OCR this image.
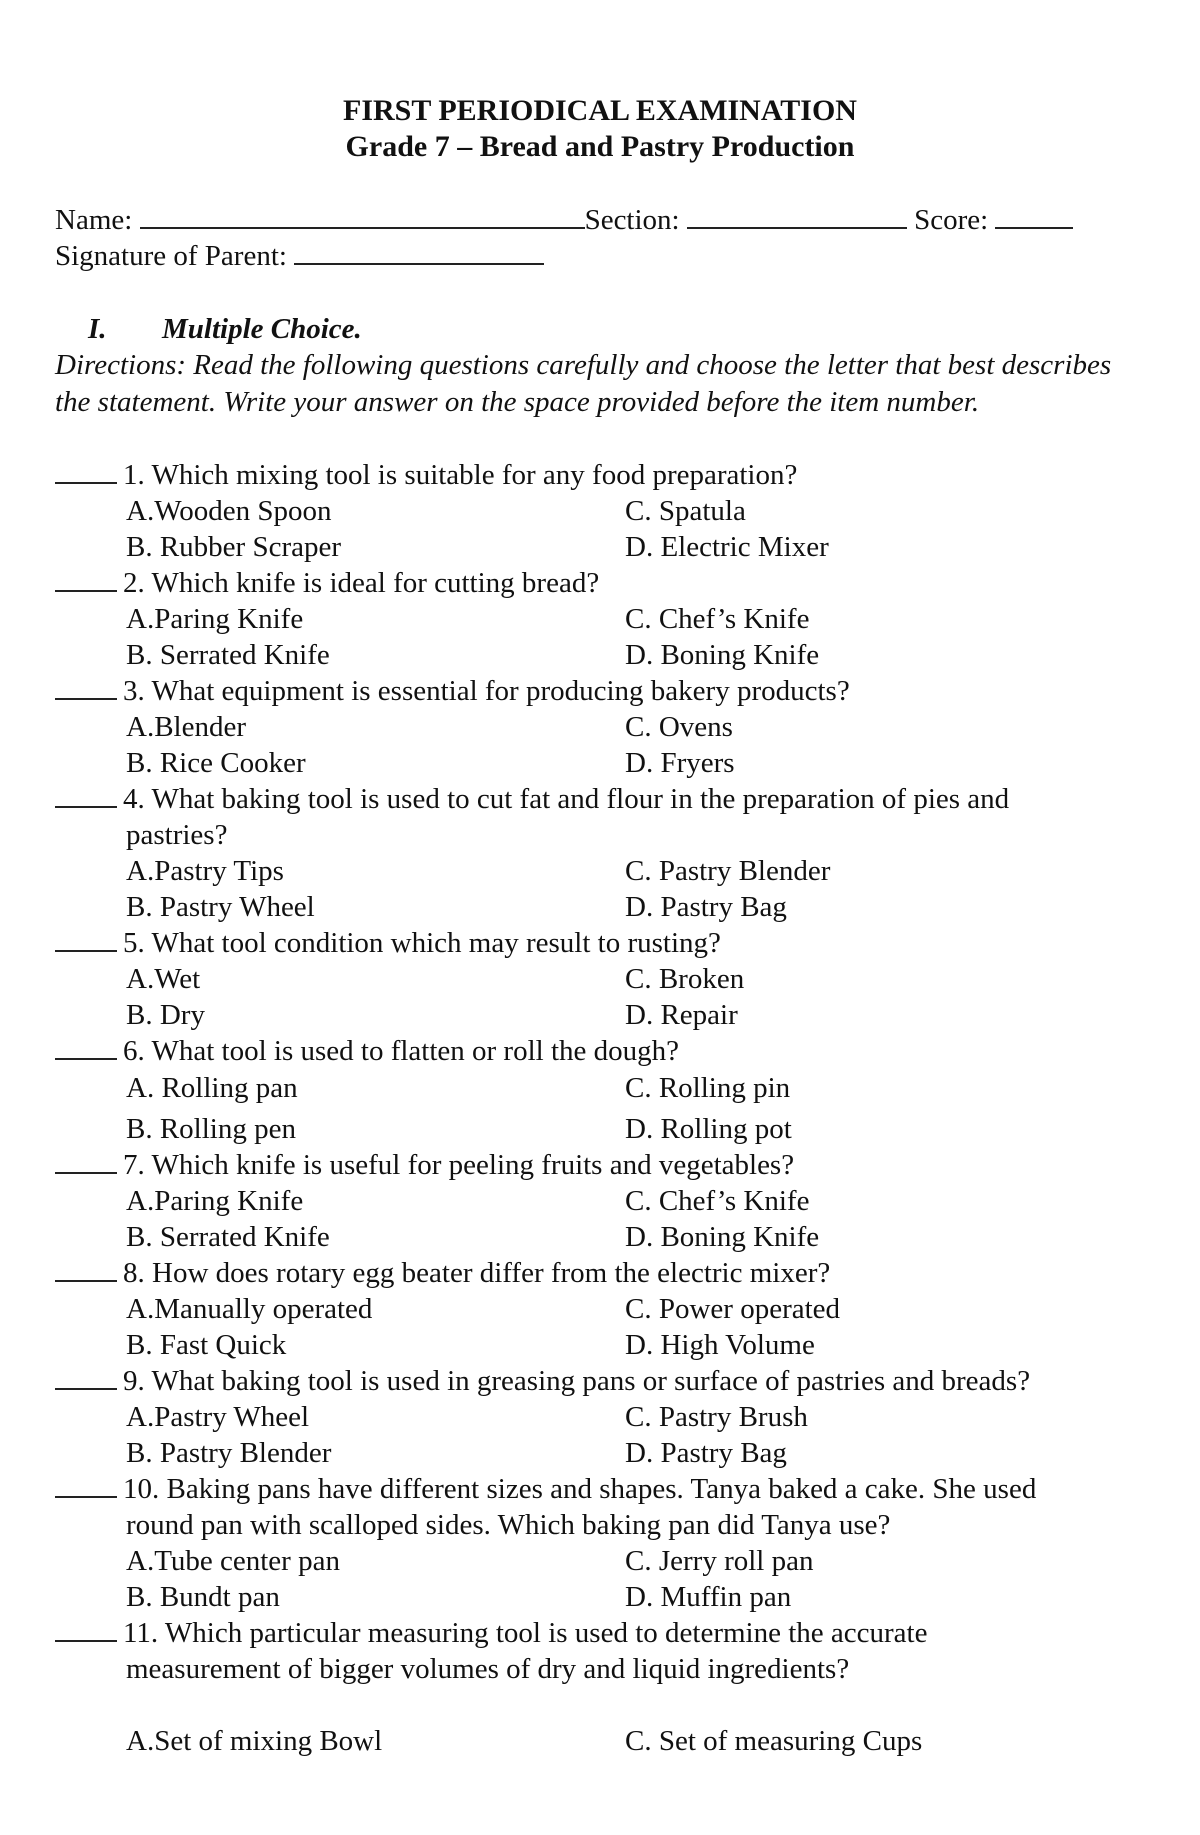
FIRST PERIODICAL EXAMINATION
Grade 7 – Bread and Pastry Production
Name:	Section:	Score:
Signature of Parent:
I. Multiple Choice.
Directions: Read the following questions carefully and choose the letter that best describes the statement. Write your answer on the space provided before the item number.
1. Which mixing tool is suitable for any food preparation?
A.Wooden Spoon	C. Spatula
B. Rubber Scraper	D. Electric Mixer
2. Which knife is ideal for cutting bread?
A.Paring Knife	C. Chef’s Knife
B. Serrated Knife	D. Boning Knife
3. What equipment is essential for producing bakery products?
A.Blender	C. Ovens
B. Rice Cooker	D. Fryers
4. What baking tool is used to cut fat and flour in the preparation of pies and
pastries?
A.Pastry Tips	C. Pastry Blender
B. Pastry Wheel	D. Pastry Bag
5. What tool condition which may result to rusting?
A.Wet	C. Broken
B. Dry	D. Repair
6. What tool is used to flatten or roll the dough?
A. Rolling pan	C. Rolling pin
B. Rolling pen	D. Rolling pot
7. Which knife is useful for peeling fruits and vegetables?
A.Paring Knife	C. Chef’s Knife
B. Serrated Knife	D. Boning Knife
8. How does rotary egg beater differ from the electric mixer?
A.Manually operated	C. Power operated
B. Fast Quick	D. High Volume
9. What baking tool is used in greasing pans or surface of pastries and breads?
A.Pastry Wheel	C. Pastry Brush
B. Pastry Blender	D. Pastry Bag
10. Baking pans have different sizes and shapes. Tanya baked a cake. She used
round pan with scalloped sides. Which baking pan did Tanya use?
A.Tube center pan	C. Jerry roll pan
B. Bundt pan	D. Muffin pan
11. Which particular measuring tool is used to determine the accurate
measurement of bigger volumes of dry and liquid ingredients?
A.Set of mixing Bowl	C. Set of measuring Cups
